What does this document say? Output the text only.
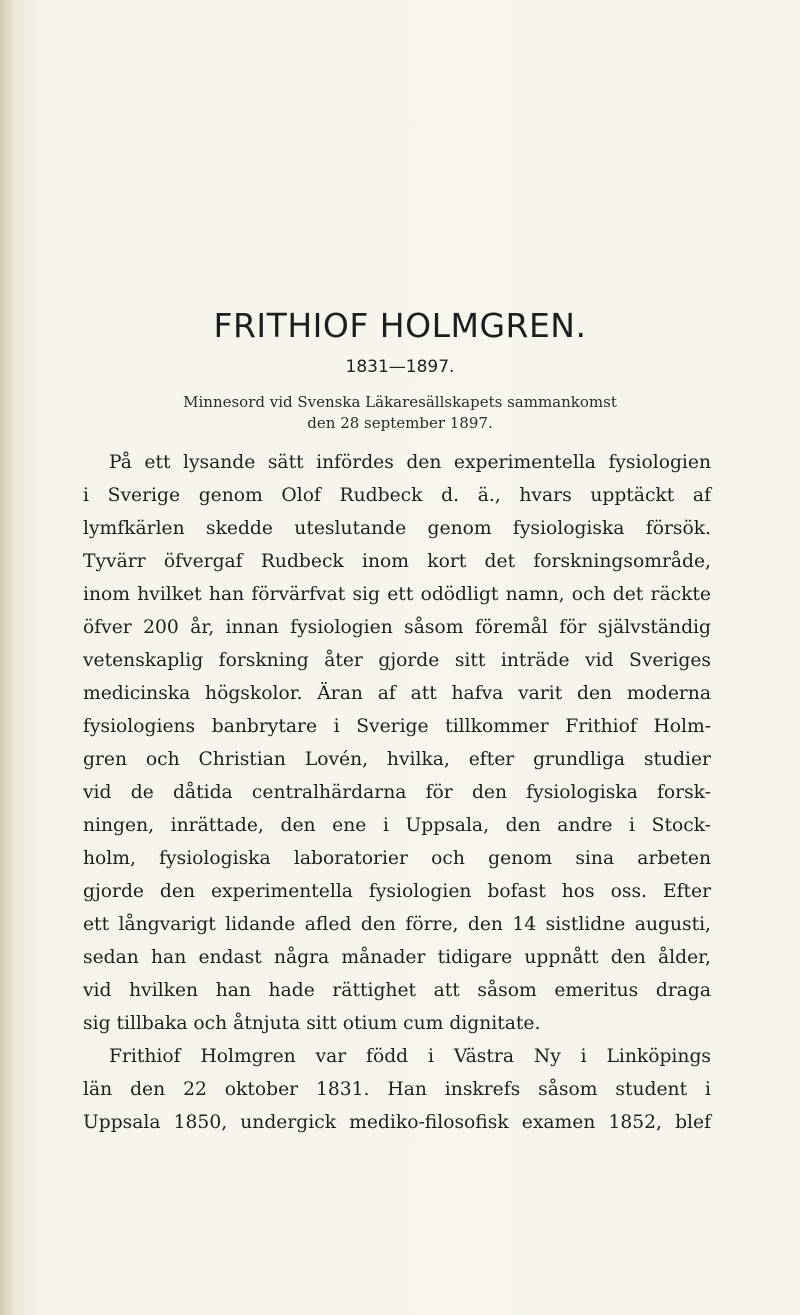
FRITHIOF HOLMGREN.
1831—1897.
Minnesord vid Svenska Läkaresällskapets sammankomst
den 28 september 1897.
På ett lysande sätt infördes den experimentella fysiologien
i Sverige genom Olof Rudbeck d. ä., hvars upptäckt af
lymfkärlen skedde uteslutande genom fysiologiska försök.
Tyvärr öfvergaf Rudbeck inom kort det forskningsområde,
inom hvilket han förvärfvat sig ett odödligt namn, och det räckte
öfver 200 år, innan fysiologien såsom föremål för självständig
vetenskaplig forskning åter gjorde sitt inträde vid Sveriges
medicinska högskolor. Äran af att hafva varit den moderna
fysiologiens banbrytare i Sverige tillkommer Frithiof Holm-
gren och Christian Lovén, hvilka, efter grundliga studier
vid de dåtida centralhärdarna för den fysiologiska forsk-
ningen, inrättade, den ene i Uppsala, den andre i Stock-
holm, fysiologiska laboratorier och genom sina arbeten
gjorde den experimentella fysiologien bofast hos oss. Efter
ett långvarigt lidande afled den förre, den 14 sistlidne augusti,
sedan han endast några månader tidigare uppnått den ålder,
vid hvilken han hade rättighet att såsom emeritus draga
sig tillbaka och åtnjuta sitt otium cum dignitate.
Frithiof Holmgren var född i Västra Ny i Linköpings
län den 22 oktober 1831. Han inskrefs såsom student i
Uppsala 1850, undergick mediko-filosofisk examen 1852, blef
